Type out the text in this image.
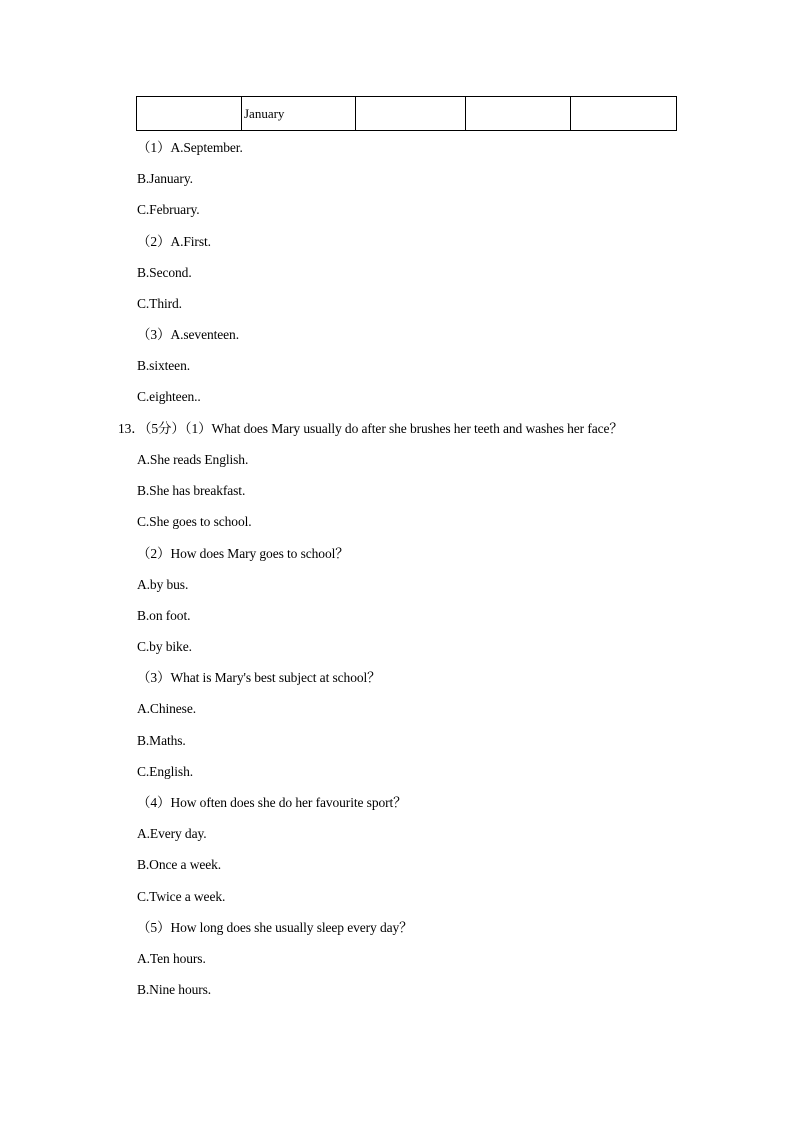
	January			
（1）A.September.
B.January.
C.February.
（2）A.First.
B.Second.
C.Third.
（3）A.seventeen.
B.sixteen.
C.eighteen..
13．（5分）（1）What does Mary usually do after she brushes her teeth and washes her face？
A.She reads English.
B.She has breakfast.
C.She goes to school.
（2）How does Mary goes to school？
A.by bus.
B.on foot.
C.by bike.
（3）What is Mary's best subject at school？
A.Chinese.
B.Maths.
C.English.
（4）How often does she do her favourite sport？
A.Every day.
B.Once a week.
C.Twice a week.
（5）How long does she usually sleep every day？
A.Ten hours.
B.Nine hours.
